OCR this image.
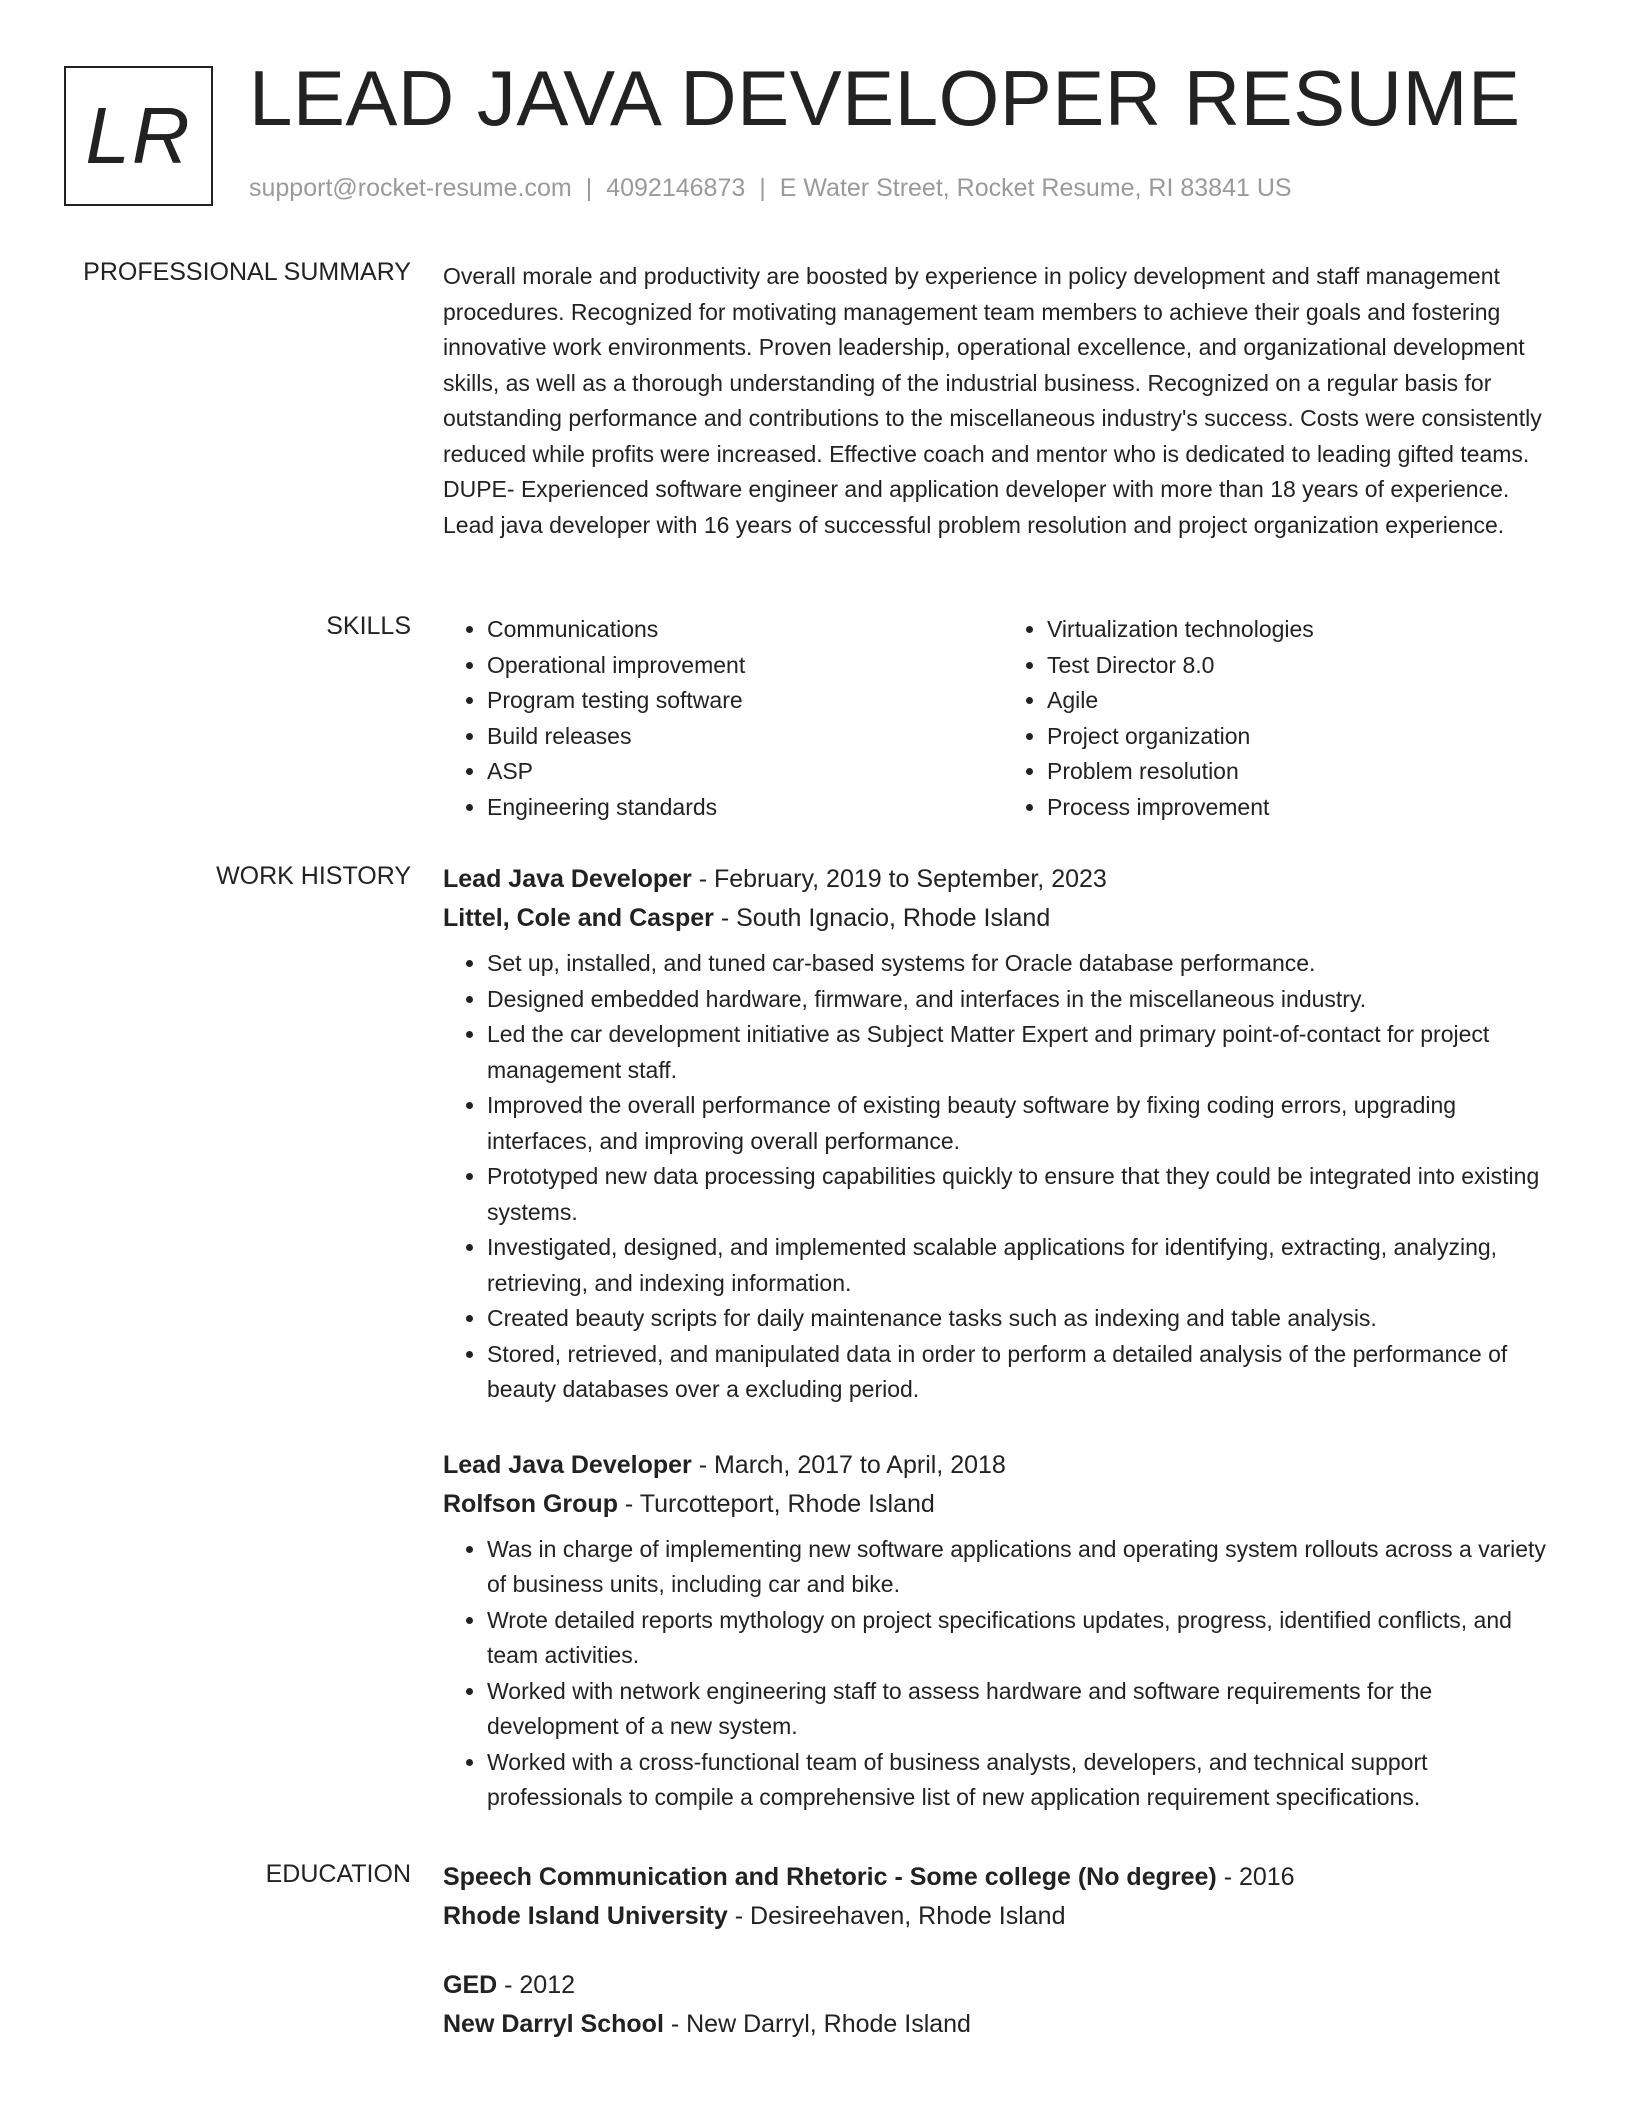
LR LEAD JAVA DEVELOPER RESUME
support@rocket-resume.com | 4092146873 | E Water Street, Rocket Resume, RI 83841 US
PROFESSIONAL SUMMARY Overall morale and productivity are boosted by experience in policy development and staff management procedures. Recognized for motivating management team members to achieve their goals and fostering innovative work environments. Proven leadership, operational excellence, and organizational development skills, as well as a thorough understanding of the industrial business. Recognized on a regular basis for outstanding performance and contributions to the miscellaneous industry's success. Costs were consistently reduced while profits were increased. Effective coach and mentor who is dedicated to leading gifted teams. DUPE- Experienced software engineer and application developer with more than 18 years of experience. Lead java developer with 16 years of successful problem resolution and project organization experience.

SKILLS
•	Communications
• Operational improvement
• Program testing software
• Build releases
• ASP
• Engineering standards
• Virtualization technologies
• Test Director 8.0
• Agile
• Project organization
• Problem resolution
• Process improvement
WORK HISTORY Lead Java Developer - February, 2019 to September, 2023
Littel, Cole and Casper - South Ignacio, Rhode Island
• Set up, installed, and tuned car-based systems for Oracle database performance.
• Designed embedded hardware, firmware, and interfaces in the miscellaneous industry.
• Led the car development initiative as Subject Matter Expert and primary point-of-contact for project management staff.
• Improved the overall performance of existing beauty software by fixing coding errors, upgrading interfaces, and improving overall performance.
• Prototyped new data processing capabilities quickly to ensure that they could be integrated into existing systems.
• Investigated, designed, and implemented scalable applications for identifying, extracting, analyzing, retrieving, and indexing information.
• Created beauty scripts for daily maintenance tasks such as indexing and table analysis.
• Stored, retrieved, and manipulated data in order to perform a detailed analysis of the performance of beauty databases over a excluding period.
Lead Java Developer - March, 2017 to April, 2018
Rolfson Group - Turcotteport, Rhode Island
• Was in charge of implementing new software applications and operating system rollouts across a variety of business units, including car and bike.
• Wrote detailed reports mythology on project specifications updates, progress, identified conflicts, and team activities.
• Worked with network engineering staff to assess hardware and software requirements for the development of a new system.
• Worked with a cross-functional team of business analysts, developers, and technical support professionals to compile a comprehensive list of new application requirement specifications.
EDUCATION Speech Communication and Rhetoric - Some college (No degree) - 2016
Rhode Island University - Desireehaven, Rhode Island
GED - 2012
New Darryl School - New Darryl, Rhode Island
